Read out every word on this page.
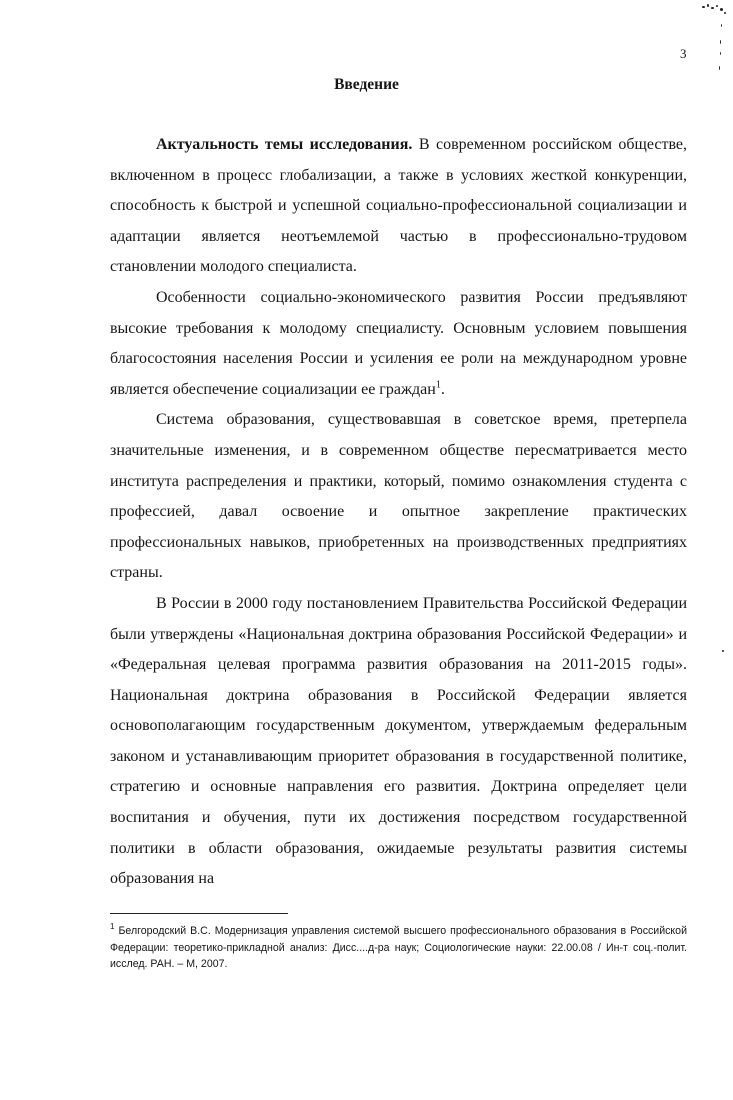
3
Введение

Актуальность темы исследования. В современном российском обществе, включенном в процесс глобализации, а также в условиях жесткой конкуренции, способность к быстрой и успешной социально-профессиональной социализации и адаптации является неотъемлемой частью в профессионально-трудовом становлении молодого специалиста.

Особенности социально-экономического развития России предъявляют высокие требования к молодому специалисту. Основным условием повышения благосостояния населения России и усиления ее роли на международном уровне является обеспечение социализации ее граждан$^1$.

Система образования, существовавшая в советское время, претерпела значительные изменения, и в современном обществе пересматривается место института распределения и практики, который, помимо ознакомления студента с профессией, давал освоение и опытное закрепление практических профессиональных навыков, приобретенных на производственных предприятиях страны.

В России в 2000 году постановлением Правительства Российской Федерации были утверждены «Национальная доктрина образования Российской Федерации» и «Федеральная целевая программа развития образования на 2011-2015 годы». Национальная доктрина образования в Российской Федерации является основополагающим государственным документом, утверждаемым федеральным законом и устанавливающим приоритет образования в государственной политике, стратегию и основные направления его развития. Доктрина определяет цели воспитания и обучения, пути их достижения посредством государственной политики в области образования, ожидаемые результаты развития системы образования на

$^1$ Белгородский В.С. Модернизация управления системой высшего профессионального образования в Российской Федерации: теоретико-прикладной анализ: Дисс....д-ра наук; Социологические науки: 22.00.08 / Ин-т соц.-полит. исслед. РАН. – М, 2007.
